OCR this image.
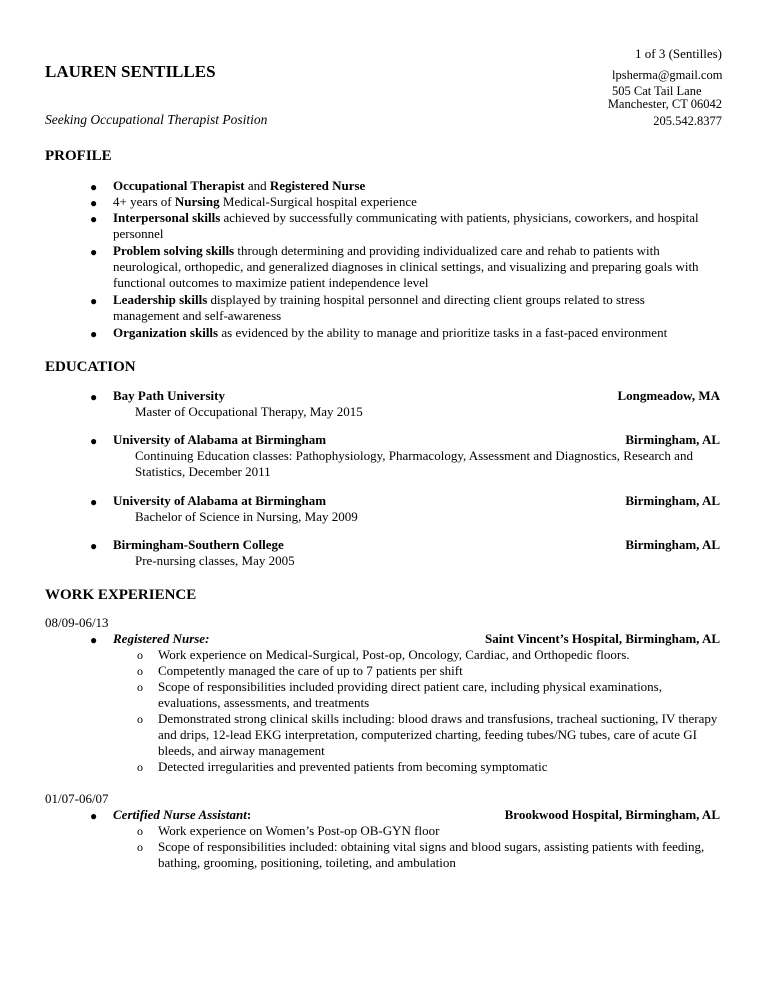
1 of 3 (Sentilles)
LAUREN SENTILLES	lpsherma@gmail.com
505 Cat Tail Lane
Manchester, CT 06042
Seeking Occupational Therapist Position	205.542.8377
PROFILE
● Occupational Therapist and Registered Nurse
● 4+ years of Nursing Medical-Surgical hospital experience
● Interpersonal skills achieved by successfully communicating with patients, physicians, coworkers, and hospital personnel
● Problem solving skills through determining and providing individualized care and rehab to patients with neurological, orthopedic, and generalized diagnoses in clinical settings, and visualizing and preparing goals with functional outcomes to maximize patient independence level
● Leadership skills displayed by training hospital personnel and directing client groups related to stress management and self-awareness
● Organization skills as evidenced by the ability to manage and prioritize tasks in a fast-paced environment
EDUCATION
● Bay Path University	Longmeadow, MA
Master of Occupational Therapy, May 2015
● University of Alabama at Birmingham	Birmingham, AL
Continuing Education classes: Pathophysiology, Pharmacology, Assessment and Diagnostics, Research and Statistics, December 2011
● University of Alabama at Birmingham	Birmingham, AL
Bachelor of Science in Nursing, May 2009
● Birmingham-Southern College	Birmingham, AL
Pre-nursing classes, May 2005
WORK EXPERIENCE
08/09-06/13
● Registered Nurse:	Saint Vincent’s Hospital, Birmingham, AL
o Work experience on Medical-Surgical, Post-op, Oncology, Cardiac, and Orthopedic floors.
o Competently managed the care of up to 7 patients per shift
o Scope of responsibilities included providing direct patient care, including physical examinations, evaluations, assessments, and treatments
o Demonstrated strong clinical skills including: blood draws and transfusions, tracheal suctioning, IV therapy and drips, 12-lead EKG interpretation, computerized charting, feeding tubes/NG tubes, care of acute GI bleeds, and airway management
o Detected irregularities and prevented patients from becoming symptomatic
01/07-06/07
● Certified Nurse Assistant:	Brookwood Hospital, Birmingham, AL
o Work experience on Women’s Post-op OB-GYN floor
o Scope of responsibilities included: obtaining vital signs and blood sugars, assisting patients with feeding, bathing, grooming, positioning, toileting, and ambulation
